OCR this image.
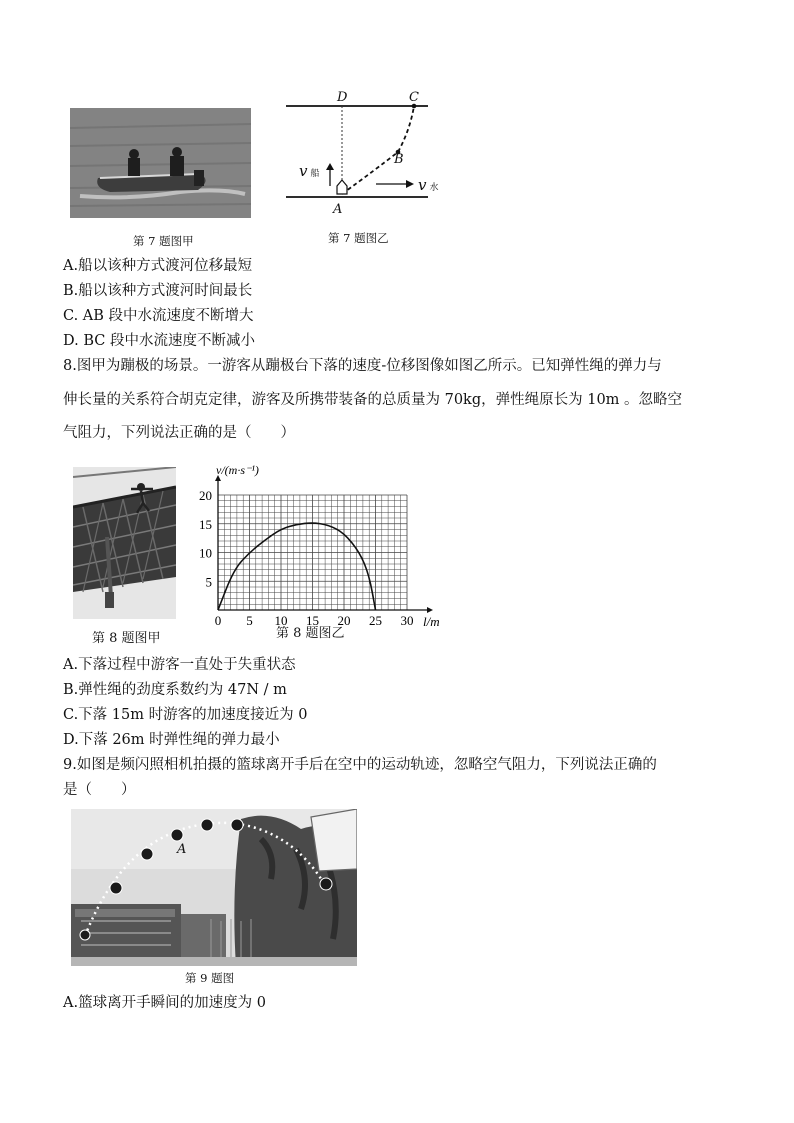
第 7 题图甲
D	C
B
A
v船
v水
第 7 题图乙
A.船以该种方式渡河位移最短
B.船以该种方式渡河时间最长
C. AB 段中水流速度不断增大
D. BC 段中水流速度不断减小
8.图甲为蹦极的场景。一游客从蹦极台下落的速度-位移图像如图乙所示。已知弹性绳的弹力与
伸长量的关系符合胡克定律，游客及所携带装备的总质量为 70kg，弹性绳原长为 10m 。忽略空
气阻力，下列说法正确的是（　　）
第 8 题图甲
0 5 10 15 20 25 30
5
10
15
20
l/m
v/(m·s⁻¹)
第 8 题图乙
A.下落过程中游客一直处于失重状态
B.弹性绳的劲度系数约为 47N / m
C.下落 15m 时游客的加速度接近为 0
D.下落 26m 时弹性绳的弹力最小
9.如图是频闪照相机拍摄的篮球离开手后在空中的运动轨迹，忽略空气阻力，下列说法正确的
是（　　）
A
第 9 题图
A.篮球离开手瞬间的加速度为 0
